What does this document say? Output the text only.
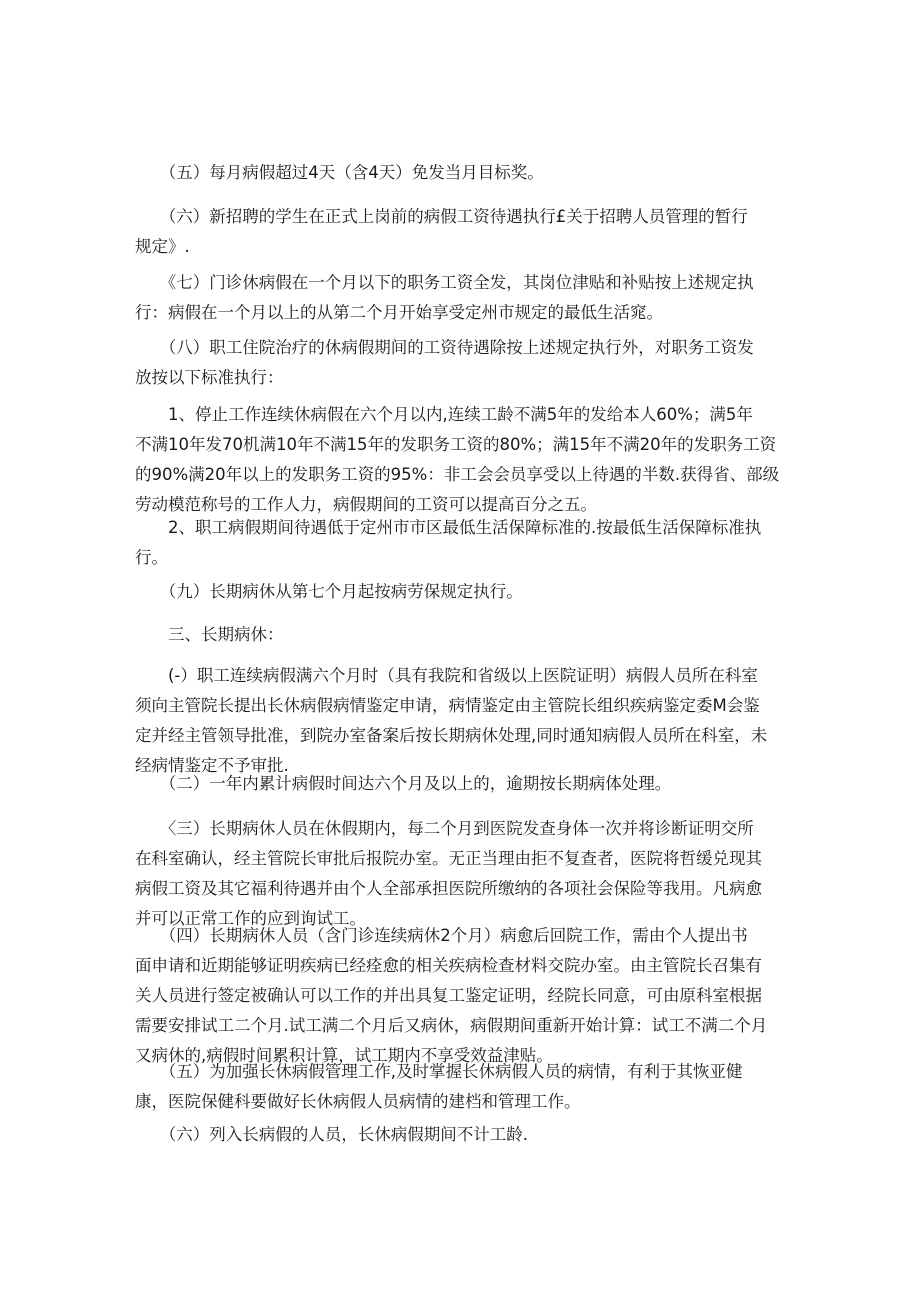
　　（五）每月病假超过4天（含4天）免发当月目标奖。

　　（六）新招聘的学生在正式上岗前的病假工资待遇执行£关于招聘人员管理的暂行
规定》.

　　《七）门诊休病假在一个月以下的职务工资全发，其岗位津贴和补贴按上述规定执
行：病假在一个月以上的从第二个月开始享受定州市规定的最低生活窕。

　　（八）职工住院治疗的休病假期间的工资待遇除按上述规定执行外，对职务工资发
放按以下标准执行：

　　1、停止工作连续休病假在六个月以内,连续工龄不满5年的发给本人60%；满5年
不满10年发70机满10年不满15年的发职务工资的80%；满15年不满20年的发职务工资
的90%满20年以上的发职务工资的95%：非工会会员享受以上待遇的半数.获得省、部级
劳动模范称号的工作人力，病假期间的工资可以提高百分之五。

　　2、职工病假期间待遇低于定州市市区最低生活保障标准的.按最低生活保障标准执
行。

　　（九）长期病休从第七个月起按病劳保规定执行。

　　三、长期病休：

　　(-）职工连续病假满六个月时（具有我院和省级以上医院证明）病假人员所在科室
须向主管院长提出长休病假病情鉴定申请，病情鉴定由主管院长组织疾病鉴定委M会鉴
定并经主管领导批准，到院办室备案后按长期病休处理,同时通知病假人员所在科室，未
经病情鉴定不予审批.

　　（二）一年内累计病假时间达六个月及以上的，逾期按长期病体处理。

　　〈三）长期病休人员在休假期内，每二个月到医院发查身体一次并将诊断证明交所
在科室确认，经主管院长审批后报院办室。无正当理由拒不复查者，医院将哲缓兑现其
病假工资及其它福利待遇并由个人全部承担医院所缴纳的各项社会保险等我用。凡病愈
并可以正常工作的应到询试工。

　　（四）长期病休人员（含门诊连续病休2个月）病愈后回院工作，需由个人提出书
面申请和近期能够证明疾病已经痊愈的相关疾病检查材料交院办室。由主管院长召集有
关人员进行签定被确认可以工作的并出具复工鉴定证明，经院长同意，可由原科室根据
需要安排试工二个月.试工满二个月后又病休，病假期间重新开始计算：试工不满二个月
又病休的,病假时间累积计算，试工期内不享受效益津贴。

　　（五）为加强长休病假管理工作,及时掌握长休病假人员的病情，有利于其恢亚健
康，医院保健科要做好长休病假人员病情的建档和管理工作。

　　（六）列入长病假的人员，长休病假期间不计工龄.
